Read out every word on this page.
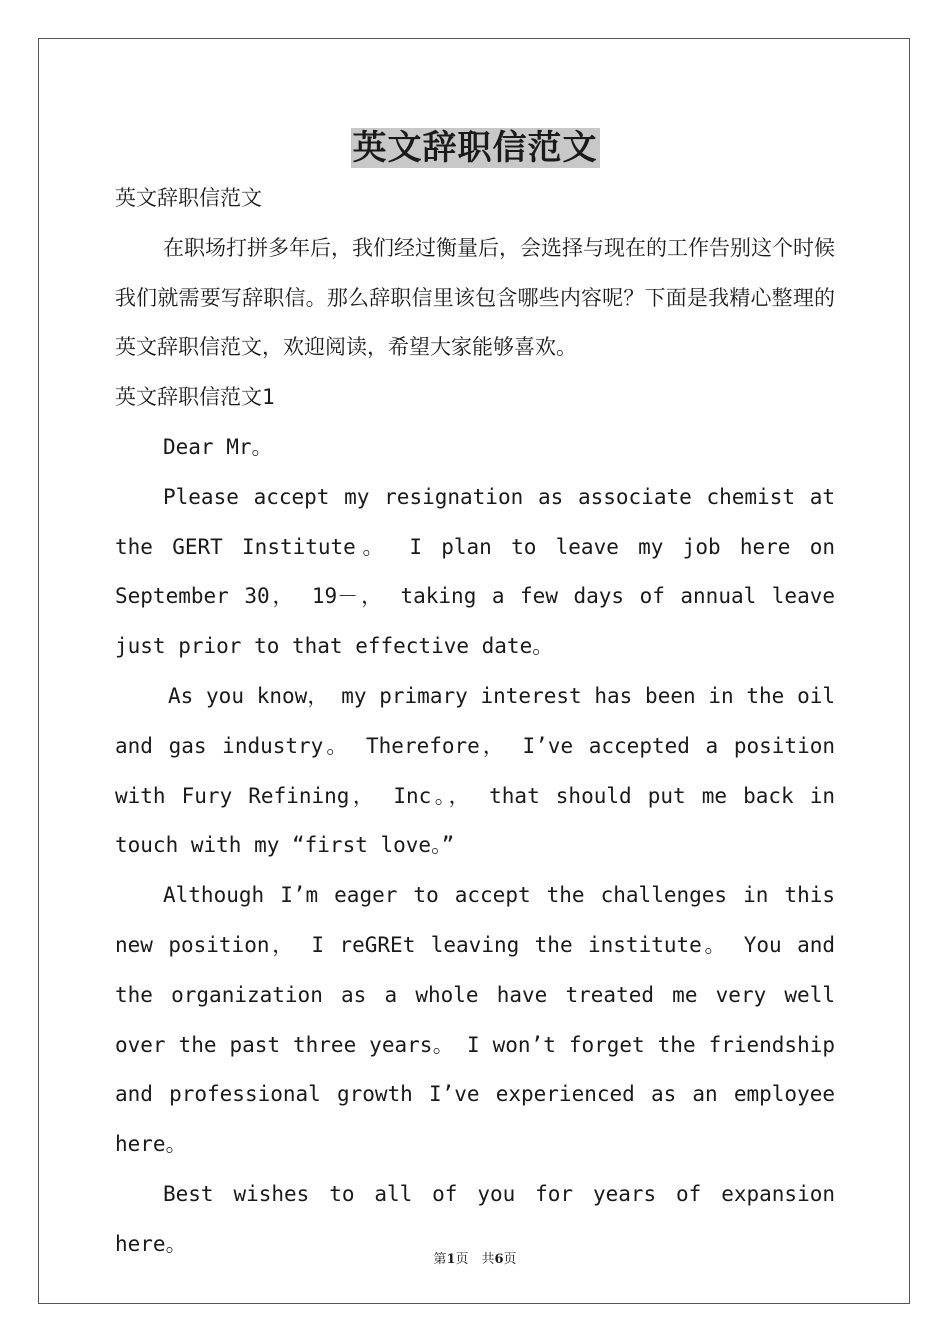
英文辞职信范文

英文辞职信范文

在职场打拼多年后，我们经过衡量后，会选择与现在的工作告别这个时候我们就需要写辞职信。那么辞职信里该包含哪些内容呢？下面是我精心整理的英文辞职信范文，欢迎阅读，希望大家能够喜欢。

英文辞职信范文1

Dear Mr。

Please accept my resignation as associate chemist at the GERT Institute。 I plan to leave my job here on September 30， 19－， taking a few days of annual leave just prior to that effective date。

As you know， my primary interest has been in the oil and gas industry。 Therefore， I’ve accepted a position with Fury Refining， Inc。， that should put me back in touch with my “first love。”

Although I’m eager to accept the challenges in this new position， I reGREt leaving the institute。 You and the organization as a whole have treated me very well over the past three years。 I won’t forget the friendship and professional growth I’ve experienced as an employee here。

Best wishes to all of you for years of expansion here。

第1页　共6页
